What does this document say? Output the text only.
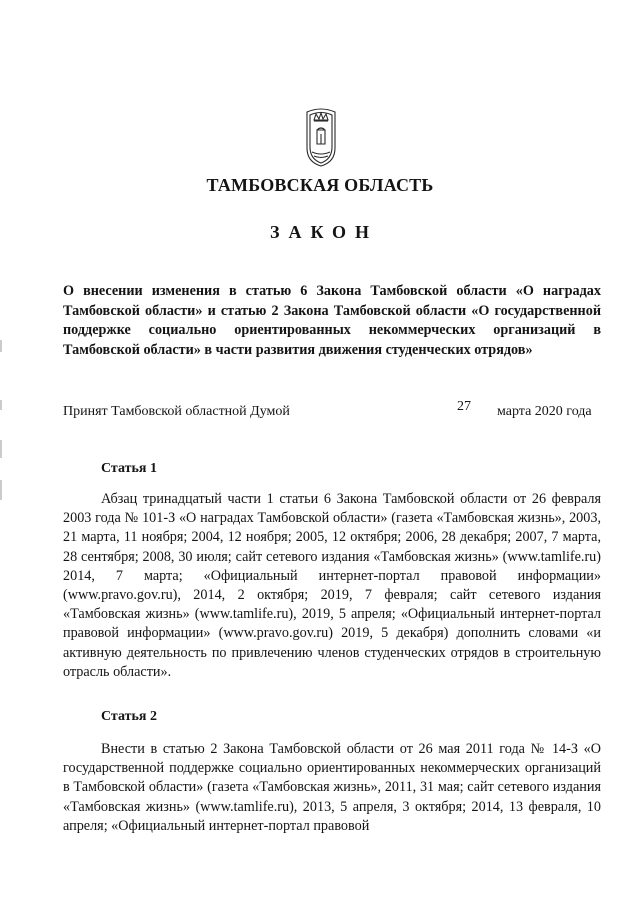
ТАМБОВСКАЯ ОБЛАСТЬ
ЗАКОН
О внесении изменения в статью 6 Закона Тамбовской области «О наградах Тамбовской области» и статью 2 Закона Тамбовской области «О государственной поддержке социально ориентированных некоммерческих организаций в Тамбовской области» в части развития движения студенческих отрядов»
Принят Тамбовской областной Думой	27 марта 2020 года
Статья 1
Абзац тринадцатый части 1 статьи 6 Закона Тамбовской области от 26 февраля 2003 года № 101-З «О наградах Тамбовской области» (газета «Тамбовская жизнь», 2003, 21 марта, 11 ноября; 2004, 12 ноября; 2005, 12 октября; 2006, 28 декабря; 2007, 7 марта, 28 сентября; 2008, 30 июля; сайт сетевого издания «Тамбовская жизнь» (www.tamlife.ru) 2014, 7 марта; «Официальный интернет-портал правовой информации» (www.pravo.gov.ru), 2014, 2 октября; 2019, 7 февраля; сайт сетевого издания «Тамбовская жизнь» (www.tamlife.ru), 2019, 5 апреля; «Официальный интернет-портал правовой информации» (www.pravo.gov.ru) 2019, 5 декабря) дополнить словами «и активную деятельность по привлечению членов студенческих отрядов в строительную отрасль области».
Статья 2
Внести в статью 2 Закона Тамбовской области от 26 мая 2011 года № 14-З «О государственной поддержке социально ориентированных некоммерческих организаций в Тамбовской области» (газета «Тамбовская жизнь», 2011, 31 мая; сайт сетевого издания «Тамбовская жизнь» (www.tamlife.ru), 2013, 5 апреля, 3 октября; 2014, 13 февраля, 10 апреля; «Официальный интернет-портал правовой
